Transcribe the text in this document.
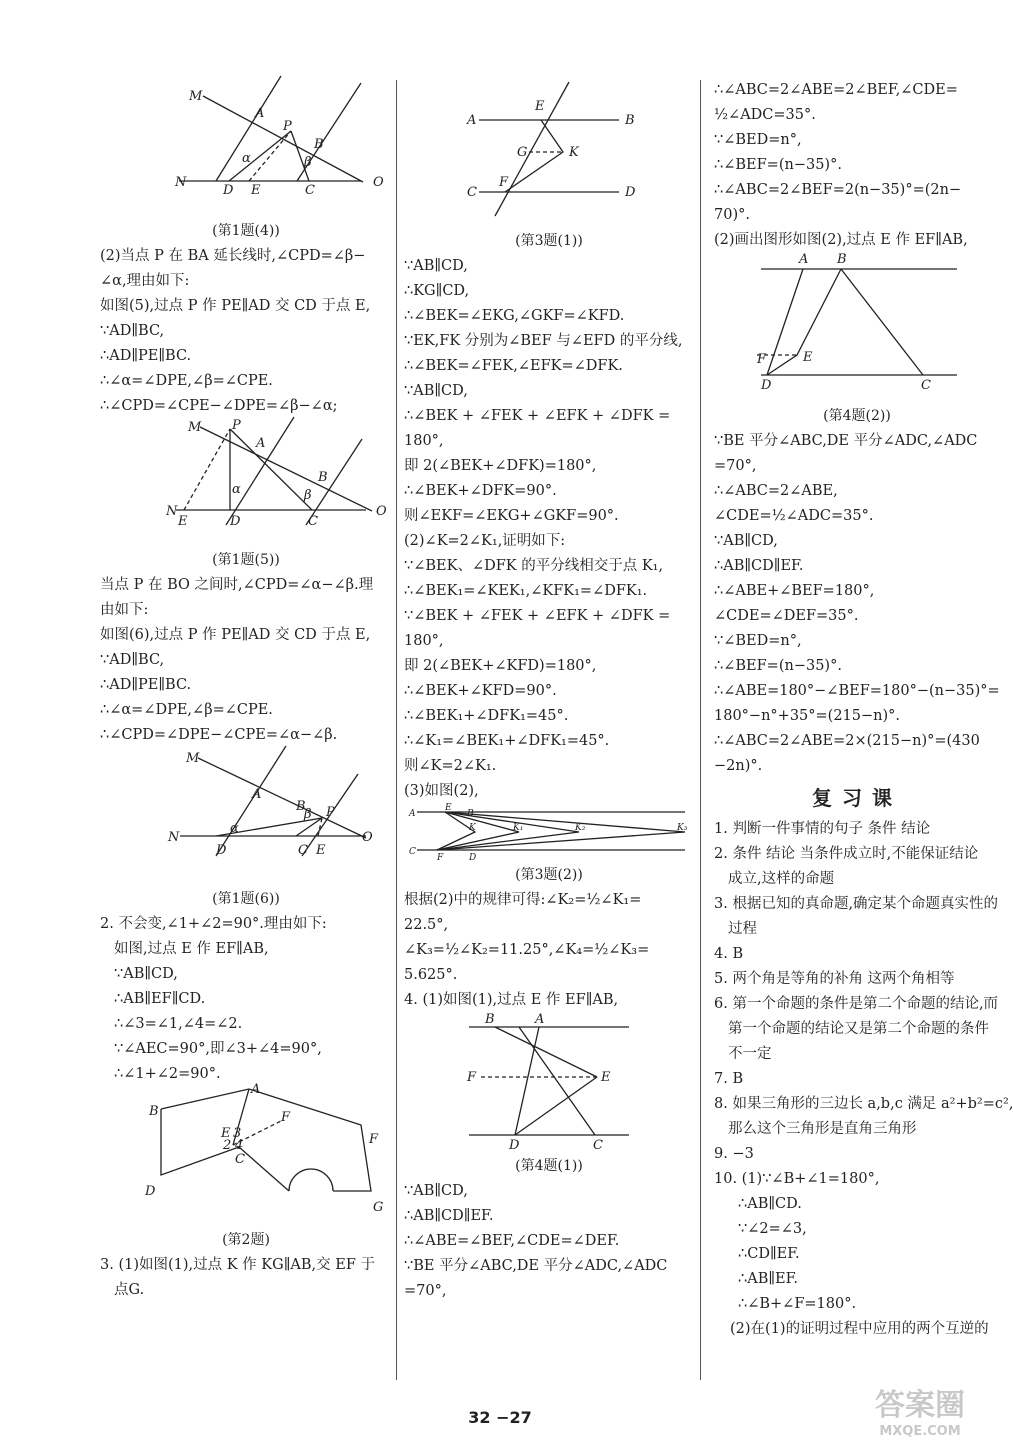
M
A
P
B
α	β
N
D E	C
O
(第1题(4))
(2)当点 P 在 BA 延长线时,∠CPD=∠β−
∠α,理由如下:
如图(5),过点 P 作 PE∥AD 交 CD 于点 E,
∵AD∥BC,
∴AD∥PE∥BC.
∴∠α=∠DPE,∠β=∠CPE.
∴∠CPD=∠CPE−∠DPE=∠β−∠α;
M P
A
B
α	β
N
E	D	C
O
(第1题(5))
当点 P 在 BO 之间时,∠CPD=∠α−∠β.理
由如下:
如图(6),过点 P 作 PE∥AD 交 CD 于点 E,
∵AD∥BC,
∴AD∥PE∥BC.
∴∠α=∠DPE,∠β=∠CPE.
∴∠CPD=∠DPE−∠CPE=∠α−∠β.
M
A
P
β
B
α
N
D	C E
O
(第1题(6))
2. 不会变,∠1+∠2=90°.理由如下:
如图,过点 E 作 EF∥AB,
∵AB∥CD,
∴AB∥EF∥CD.
∴∠3=∠1,∠4=∠2.
∵∠AEC=90°,即∠3+∠4=90°,
∴∠1+∠2=90°.
A
B
E 3
4
2
C
F
F
D
G
(第2题)
3. (1)如图(1),过点 K 作 KG∥AB,交 EF 于
点G.
A
E
B
G	K
C
F
D
(第3题(1))
∵AB∥CD,
∴KG∥CD,
∴∠BEK=∠EKG,∠GKF=∠KFD.
∵EK,FK 分别为∠BEF 与∠EFD 的平分线,
∴∠BEK=∠FEK,∠EFK=∠DFK.
∵AB∥CD,
∴∠BEK + ∠FEK + ∠EFK + ∠DFK =
180°,
即 2(∠BEK+∠DFK)=180°,
∴∠BEK+∠DFK=90°.
则∠EKF=∠EKG+∠GKF=90°.
(2)∠K=2∠K₁,证明如下:
∵∠BEK、∠DFK 的平分线相交于点 K₁,
∴∠BEK₁=∠KEK₁,∠KFK₁=∠DFK₁.
∵∠BEK + ∠FEK + ∠EFK + ∠DFK =
180°,
即 2(∠BEK+∠KFD)=180°,
∴∠BEK+∠KFD=90°.
∴∠BEK₁+∠DFK₁=45°.
∴∠K₁=∠BEK₁+∠DFK₁=45°.
则∠K=2∠K₁.
(3)如图(2),
A
E
B
C
F	D
K	K₁	K₂	K₃
(第3题(2))
根据(2)中的规律可得:∠K₂=½∠K₁=
22.5°,
∠K₃=½∠K₂=11.25°,∠K₄=½∠K₃=
5.625°.
4. (1)如图(1),过点 E 作 EF∥AB,
B	A
F	E
D	C
(第4题(1))
∵AB∥CD,
∴AB∥CD∥EF.
∴∠ABE=∠BEF,∠CDE=∠DEF.
∵BE 平分∠ABC,DE 平分∠ADC,∠ADC
=70°,
∴∠ABC=2∠ABE=2∠BEF,∠CDE=
½∠ADC=35°.
∵∠BED=n°,
∴∠BEF=(n−35)°.
∴∠ABC=2∠BEF=2(n−35)°=(2n−
70)°.
(2)画出图形如图(2),过点 E 作 EF∥AB,
A B
F	E
D	C
(第4题(2))
∵BE 平分∠ABC,DE 平分∠ADC,∠ADC
=70°,
∴∠ABC=2∠ABE,
∠CDE=½∠ADC=35°.
∵AB∥CD,
∴AB∥CD∥EF.
∴∠ABE+∠BEF=180°,
∠CDE=∠DEF=35°.
∵∠BED=n°,
∴∠BEF=(n−35)°.
∴∠ABE=180°−∠BEF=180°−(n−35)°=
180°−n°+35°=(215−n)°.
∴∠ABC=2∠ABE=2×(215−n)°=(430
−2n)°.
复习课
1. 判断一件事情的句子 条件 结论
2. 条件 结论 当条件成立时,不能保证结论
成立,这样的命题
3. 根据已知的真命题,确定某个命题真实性的
过程
4. B
5. 两个角是等角的补角 这两个角相等
6. 第一个命题的条件是第二个命题的结论,而
第一个命题的结论又是第二个命题的条件
不一定
7. B
8. 如果三角形的三边长 a,b,c 满足 a²+b²=c²,
那么这个三角形是直角三角形
9. −3
10. (1)∵∠B+∠1=180°,
∴AB∥CD.
∵∠2=∠3,
∴CD∥EF.
∴AB∥EF.
∴∠B+∠F=180°.
(2)在(1)的证明过程中应用的两个互逆的
32 −27	答案圈
MXQE.COM
